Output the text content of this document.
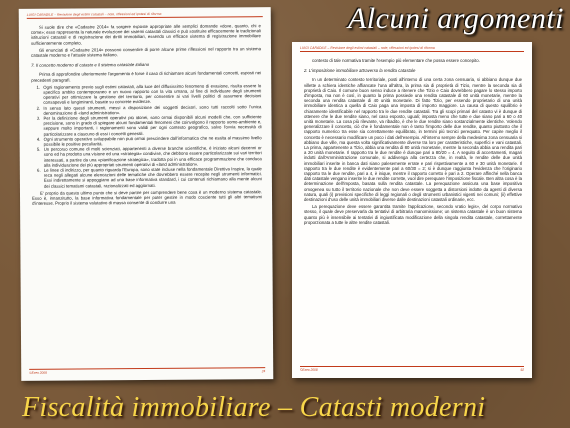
LUIGI CARADILE – Revisione degli estimi catastali – note, riflessioni ed ipotesi di riforma

Si suole dire che «Cadastre 2014» fa sorgere risposte appropriate alle semplici domande «dove, quanto, chi e come»; esso rappresenta la naturale evoluzione dei sistemi catastali classici e può sostituire efficacemente le tradizionali istituzioni catastali e di registrazione dei diritti immobiliari, essendo un efficace sistema di registrazione immobiliare sufficientemente completo.

Gli enunciati di «Cadastre 2014» possono consentire di porre alcune prime riflessioni nel rapporto tra un sistema catastale moderno e l'attuale sistema italiano.

7. Il concetto moderno di catasto e il sistema catastale italiano

Prima di approfondire ulteriormente l'argomento è forse il caso di richiamare alcuni fondamentali concetti, esposti nei precedenti paragrafi.

1. Ogni ragionamento previo sugli estimi catastali, alla luce del diffusissimo fenomeno di evasione, risulta essere lo specifico ambito contemporaneo e un nuovo rapporto con la vita umana, al fine di individuare degli strumenti operativi per ottimizzare la gestione del territorio, per consentire ai vari livelli politici di assumere decisioni consapevoli e lungimiranti, basate su concrete evidenze.
2. In senso lato questi strumenti, messi a disposizione dei soggetti decisori, sono tutti raccolti sotto l'unica denominazione di «land administration».
3. Per la definizione degli strumenti operativi più idonei, sono ormai disponibili alcuni modelli che, con sufficiente precisione, sono in grado di spiegare alcuni fondamentali fenomeni che coinvolgono il rapporto uomo-ambiente e, seppure molto importanti, i ragionamenti sono validi per ogni contesto geografico, salvo l'ovvia necessità di particolarizzare a ciascuno di essi i concetti generali.
4. Ogni strumento operativo sviluppabile non può ormai prescindere dall'informatica che ne esalta al massimo livello possibile le positive peculiarità.
5. Un percorso comune di molti scienziati, appartenenti a diverse branche scientifiche, è iniziato alcuni decenni or sono ed ha prodotto una visione ed una «strategia» condivise, che debbono essere particolarizzate sui vari territori interessati, a partire da una «pianificazione strategica», tradotta poi in una efficace programmazione che conduca alla individuazione dei più appropriati strumenti operativi di «land administration».
6. Le linee di indirizzo, per quanto riguarda l'Europa, sono state incluse nella fondamentale Direttiva Inspire, la quale reca negli allegati alcune elencazioni delle tematiche che dovrebbero essere recepite negli strumenti informatici. Essi indirettamente si appoggiano ad una base informativa standard, i cui contenuti richiamano alla mente alcuni dei classici tematismi catastali, razionalizzati ed aggiornati.

E' proprio da questo ultimo punto che si deve partire per comprendere bene cosa è un moderno sistema catastale. Esso è, innanzitutto, la base informativa fondamentale per poter gestire in modo cosciente tutti gli altri tematismi d'interesse. Proprio il sistema valutativo di massa consente di condurre una

©Exeo 2008	24
LUIGI CARADILE – Revisione degli estimi catastali – note, riflessioni ed ipotesi di riforma

contesto di tale normativa tramite l'esempio più elementare che possa essere concepito.

2. L'imposizione immobiliare attraverso la rendita catastale

In un determinato contesto territoriale, posti all'interno di una certa zona censuaria, si abbiano dunque due villette a schiera identiche affiancate l'una all'altra, la prima sia di proprietà di Tizio, mentre la seconda sia di proprietà di Caio. Il comune buon senso induce a ritenere che Tizio e Caio dovrebbero pagare lo stesso importo d'imposta, ma non è così, in quanto la prima possiede una rendita catastale di 60 unità monetarie, mentre la seconda una rendita catastale di 40 unità monetarie. Di fatto Tizio, per essendo proprietario di una unità immobiliare identica a quella di Caio paga una imposta di importo maggiore. La causa di questo squilibrio è chiaramente identificabile nel rapporto tra le due rendite catastali. Tra gli scopi primari del catasto vi è dunque di ottenere che le due rendite siano, nel caso esposto, uguali; imposta meno che tutte e due siano pari a 60 o 40 unità monetarie. La cosa più rilevante, va ribadito, è che le due rendite siano sostanzialmente identiche. Volendo generalizzare il concetto, ciò che è fondamentale non è tanto l'importo delle due rendite, quanto piuttosto che il rapporto numerico tra esse sia correttamente equilibrato, in termini più tecnici perequato. Per capire meglio il concetto è necessario modificare un poco i dati dell'esempio. All'interno sempre della medesima zona censuaria si abbiano due ville, ma questa volta significativamente diverse tra loro per caratteristiche, superfici e vani catastali. La prima, appartenente a Tizio, abbia una rendita di 80 unità monetarie, mentre la seconda abbia una rendita pari a 20 unità monetarie. Il rapporto tra le due rendite è dunque pari a 80/20 = 4. A seguito di accertamenti, magari indotti dall'Amministrazione comunale, si addivenga alla certezza che, in realtà, le rendite delle due unità immobiliari inserite in banca dati siano palesemente errate e pari rispettivamente a 60 e 30 unità monetarie. Il rapporto tra le due rendite è evidentemente pari a 60/30 = 2; si è dunque raggiunta l'evidenza che l'originario rapporto tra le due rendite, pari a 4, è inique, mentre il rapporto corretto è pari a 2. Operare affinché nella banca dati catastale vengano inserite le due rendite corrette, vuol dire perequare l'imposizione fiscale. Ben altra cosa è la determinazione dell'imposta, basata sulla rendita catastale. La perequazione assicura una base impositiva omogenea su tutto il territorio nazionale che non deve essere soggetta a distorsioni indotte da agenti di diversa natura, quali (i) previsioni specifiche di leggi regionali o degli strumenti urbanistici vigenti nei comuni; (ii) effettive destinazioni d'uso delle unità immobiliari diverse dalle destinazioni catastali ordinarie, ecc.

La perequazione deve essere garantita tramite l'applicazione, secondo vratio legis», del corpo normativo stesso, il quale deve preservarla da tentativi di arbitraria manomissione; un sistema catastale è un buon sistema quanto più è insensibile ai tentativi di ingiustificata modificazione della singola rendita catastale, correttamente proporzionata a tutte le altre rendite catastali.

©Exeo 2008	92
Alcuni argomenti
Fiscalità immobiliare – Catasti moderni
